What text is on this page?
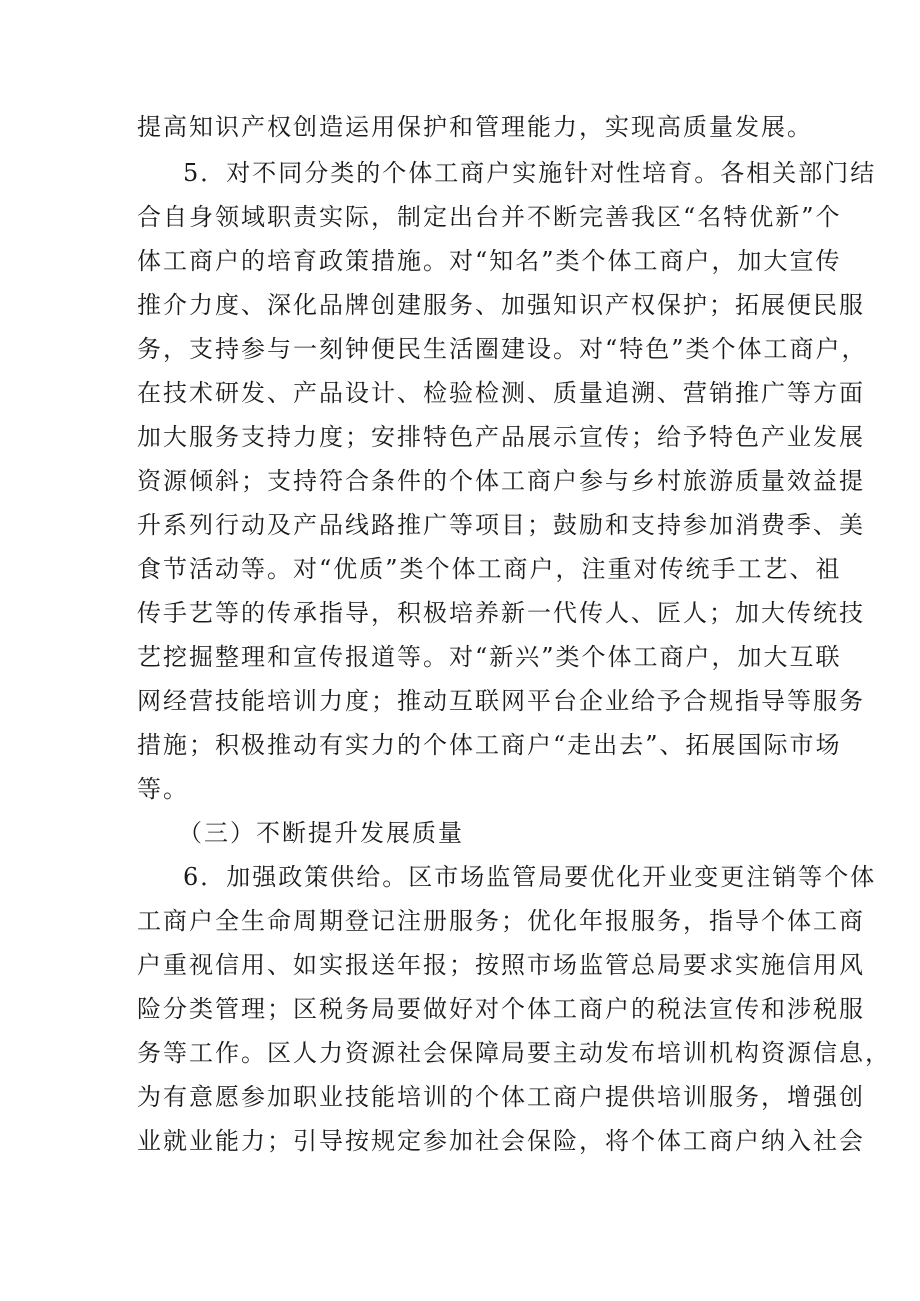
提高知识产权创造运用保护和管理能力，实现高质量发展。
5．对不同分类的个体工商户实施针对性培育。各相关部门结
合自身领域职责实际，制定出台并不断完善我区“名特优新”个
体工商户的培育政策措施。对“知名”类个体工商户，加大宣传
推介力度、深化品牌创建服务、加强知识产权保护；拓展便民服
务，支持参与一刻钟便民生活圈建设。对“特色”类个体工商户，
在技术研发、产品设计、检验检测、质量追溯、营销推广等方面
加大服务支持力度；安排特色产品展示宣传；给予特色产业发展
资源倾斜；支持符合条件的个体工商户参与乡村旅游质量效益提
升系列行动及产品线路推广等项目；鼓励和支持参加消费季、美
食节活动等。对“优质”类个体工商户，注重对传统手工艺、祖
传手艺等的传承指导，积极培养新一代传人、匠人；加大传统技
艺挖掘整理和宣传报道等。对“新兴”类个体工商户，加大互联
网经营技能培训力度；推动互联网平台企业给予合规指导等服务
措施；积极推动有实力的个体工商户“走出去”、拓展国际市场
等。
（三）不断提升发展质量
6．加强政策供给。区市场监管局要优化开业变更注销等个体
工商户全生命周期登记注册服务；优化年报服务，指导个体工商
户重视信用、如实报送年报；按照市场监管总局要求实施信用风
险分类管理；区税务局要做好对个体工商户的税法宣传和涉税服
务等工作。区人力资源社会保障局要主动发布培训机构资源信息，
为有意愿参加职业技能培训的个体工商户提供培训服务，增强创
业就业能力；引导按规定参加社会保险，将个体工商户纳入社会
